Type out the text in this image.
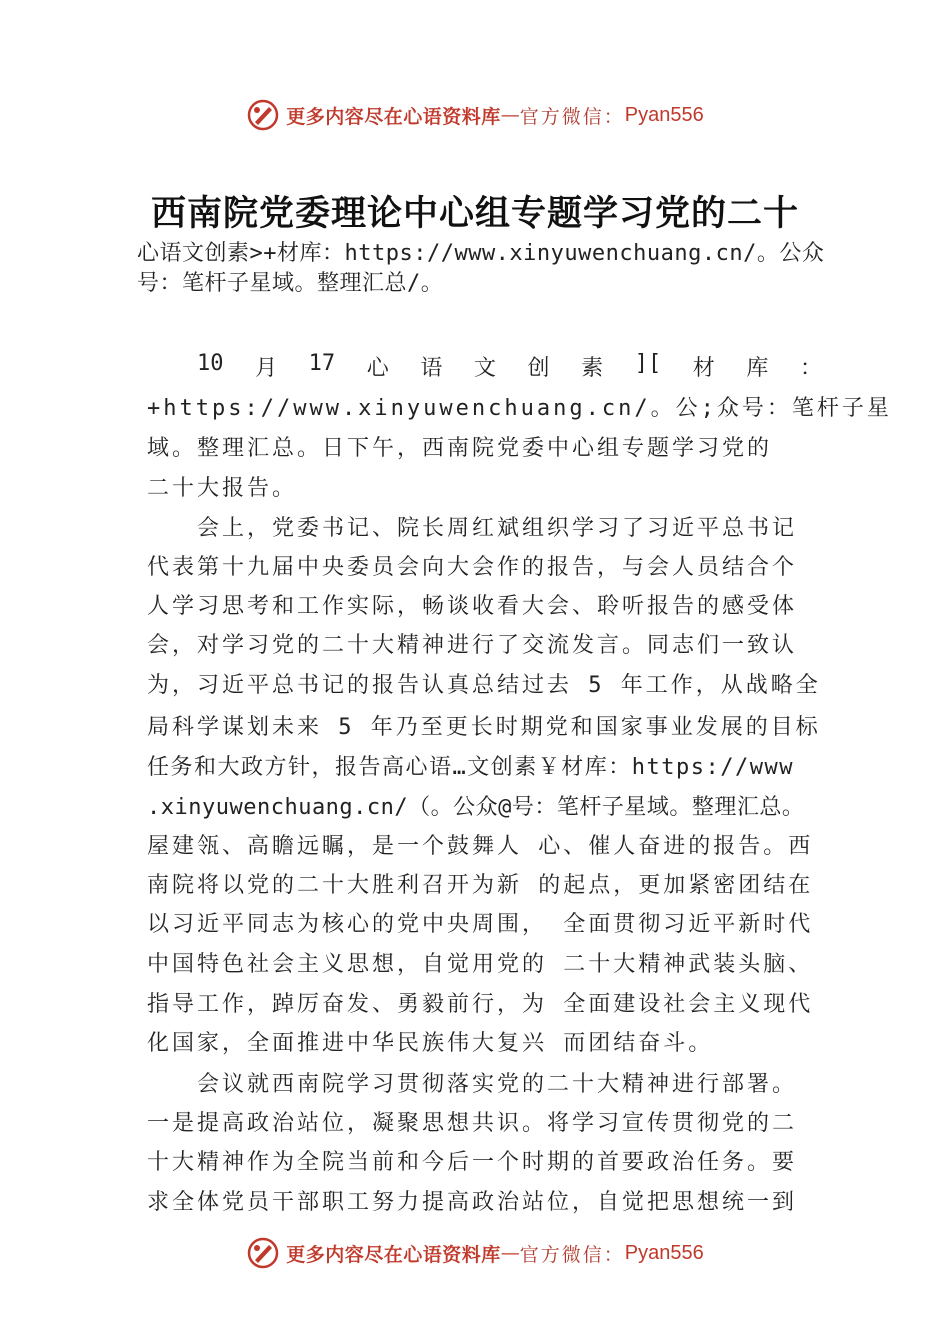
更多内容尽在心语资料库 — 官方微信： Pyan556
西南院党委理论中心组专题学习党的二十
心语文创素>+材库：https://www.xinyuwenchuang.cn/。公众
号：笔杆子星域。整理汇总/。
10 月 17 心 语 文 创 素 ][ 材 库 ：
+https://www.xinyuwenchuang.cn/。公;众号：笔杆子星
域。整理汇总。日下午，西南院党委中心组专题学习党的
二十大报告。
会上，党委书记、院长周红斌组织学习了习近平总书记
代表第十九届中央委员会向大会作的报告，与会人员结合个
人学习思考和工作实际，畅谈收看大会、聆听报告的感受体
会，对学习党的二十大精神进行了交流发言。同志们一致认
为，习近平总书记的报告认真总结过去 5 年工作，从战略全
局科学谋划未来 5 年乃至更长时期党和国家事业发展的目标
任务和大政方针，报告高心语…文创素￥材库：https://www
.xinyuwenchuang.cn/（。公众@号：笔杆子星域。整理汇总。
屋建瓴、高瞻远瞩，是一个鼓舞人 心、催人奋进的报告。西
南院将以党的二十大胜利召开为新 的起点，更加紧密团结在
以习近平同志为核心的党中央周围， 全面贯彻习近平新时代
中国特色社会主义思想，自觉用党的 二十大精神武装头脑、
指导工作，踔厉奋发、勇毅前行，为 全面建设社会主义现代
化国家，全面推进中华民族伟大复兴 而团结奋斗。
会议就西南院学习贯彻落实党的二十大精神进行部署。
一是提高政治站位，凝聚思想共识。将学习宣传贯彻党的二
十大精神作为全院当前和今后一个时期的首要政治任务。要
求全体党员干部职工努力提高政治站位，自觉把思想统一到
更多内容尽在心语资料库 — 官方微信： Pyan556
